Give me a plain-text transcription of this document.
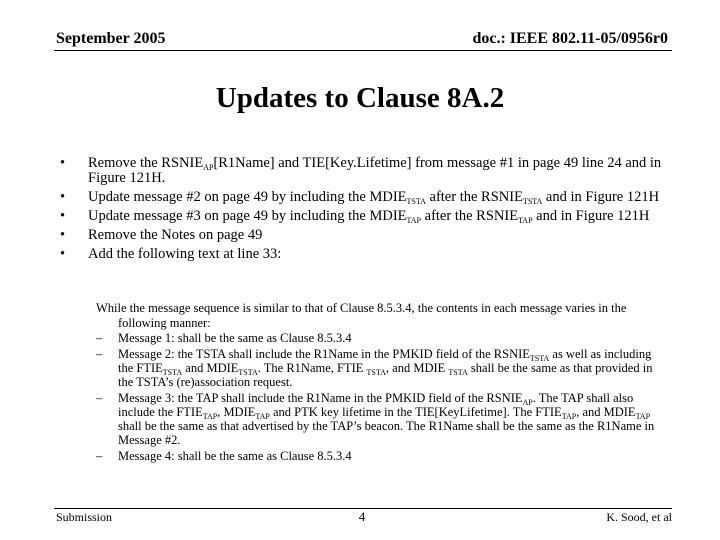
September 2005	doc.: IEEE 802.11-05/0956r0
Updates to Clause 8A.2
• Remove the $RSNIE_{AP}[R1Name]$ and TIE[Key.Lifetime] from message #1 in page 49 line 24 and in Figure 121H.
• Update message #2 on page 49 by including the $MDIE_{TSTA}$ after the $RSNIE_{TSTA}$ and in Figure 121H
• Update message #3 on page 49 by including the $MDIE_{TAP}$ after the $RSNIE_{TAP}$ and in Figure 121H
• Remove the Notes on page 49
• Add the following text at line 33:

While the message sequence is similar to that of Clause 8.5.3.4, the contents in each message varies in the following manner:

– Message 1: shall be the same as Clause 8.5.3.4
– Message 2: the TSTA shall include the R1Name in the PMKID field of the $RSNIE_{TSTA}$ as well as including the $FTIE_{TSTA}$ and $MDIE_{TSTA}$. The R1Name, FTIE $_{TSTA}$, and MDIE $_{TSTA}$ shall be the same as that provided in the TSTA’s (re)association request.
– Message 3: the TAP shall include the R1Name in the PMKID field of the $RSNIE_{AP}$. The TAP shall also include the $FTIE_{TAP}$, $MDIE_{TAP}$ and PTK key lifetime in the TIE[KeyLifetime]. The $FTIE_{TAP}$, and $MDIE_{TAP}$ shall be the same as that advertised by the TAP’s beacon. The R1Name shall be the same as the R1Name in Message #2.
– Message 4: shall be the same as Clause 8.5.3.4
Submission	4	K. Sood, et al
